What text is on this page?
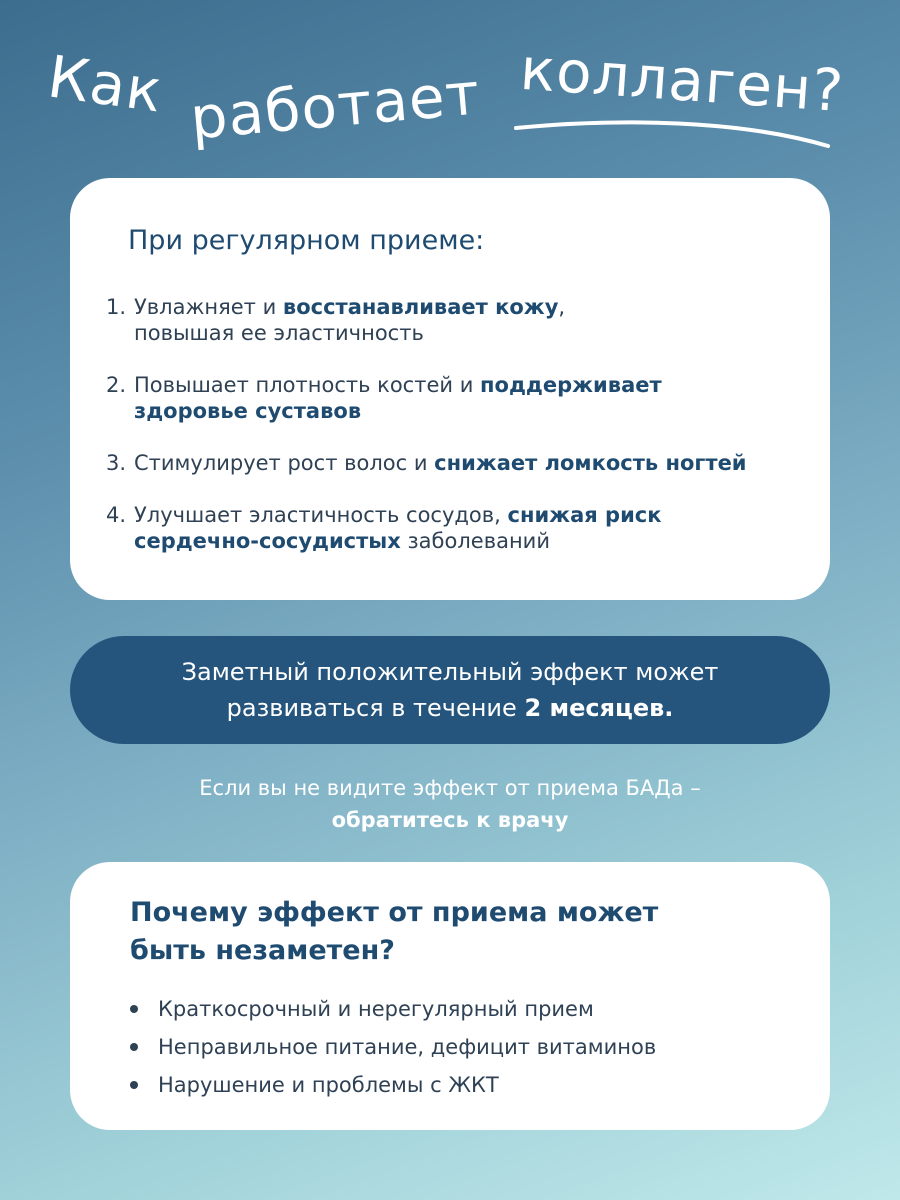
Как работает коллаген?
При регулярном приеме:
1. Увлажняет и восстанавливает кожу,
повышая ее эластичность
2. Повышает плотность костей и поддерживает
здоровье суставов
3. Стимулирует рост волос и снижает ломкость ногтей
4. Улучшает эластичность сосудов, снижая риск
сердечно-сосудистых заболеваний
Заметный положительный эффект может
развиваться в течение 2 месяцев.
Если вы не видите эффект от приема БАДа –
обратитесь к врачу
Почему эффект от приема может
быть незаметен?
Краткосрочный и нерегулярный прием
Неправильное питание, дефицит витаминов
Нарушение и проблемы с ЖКТ
